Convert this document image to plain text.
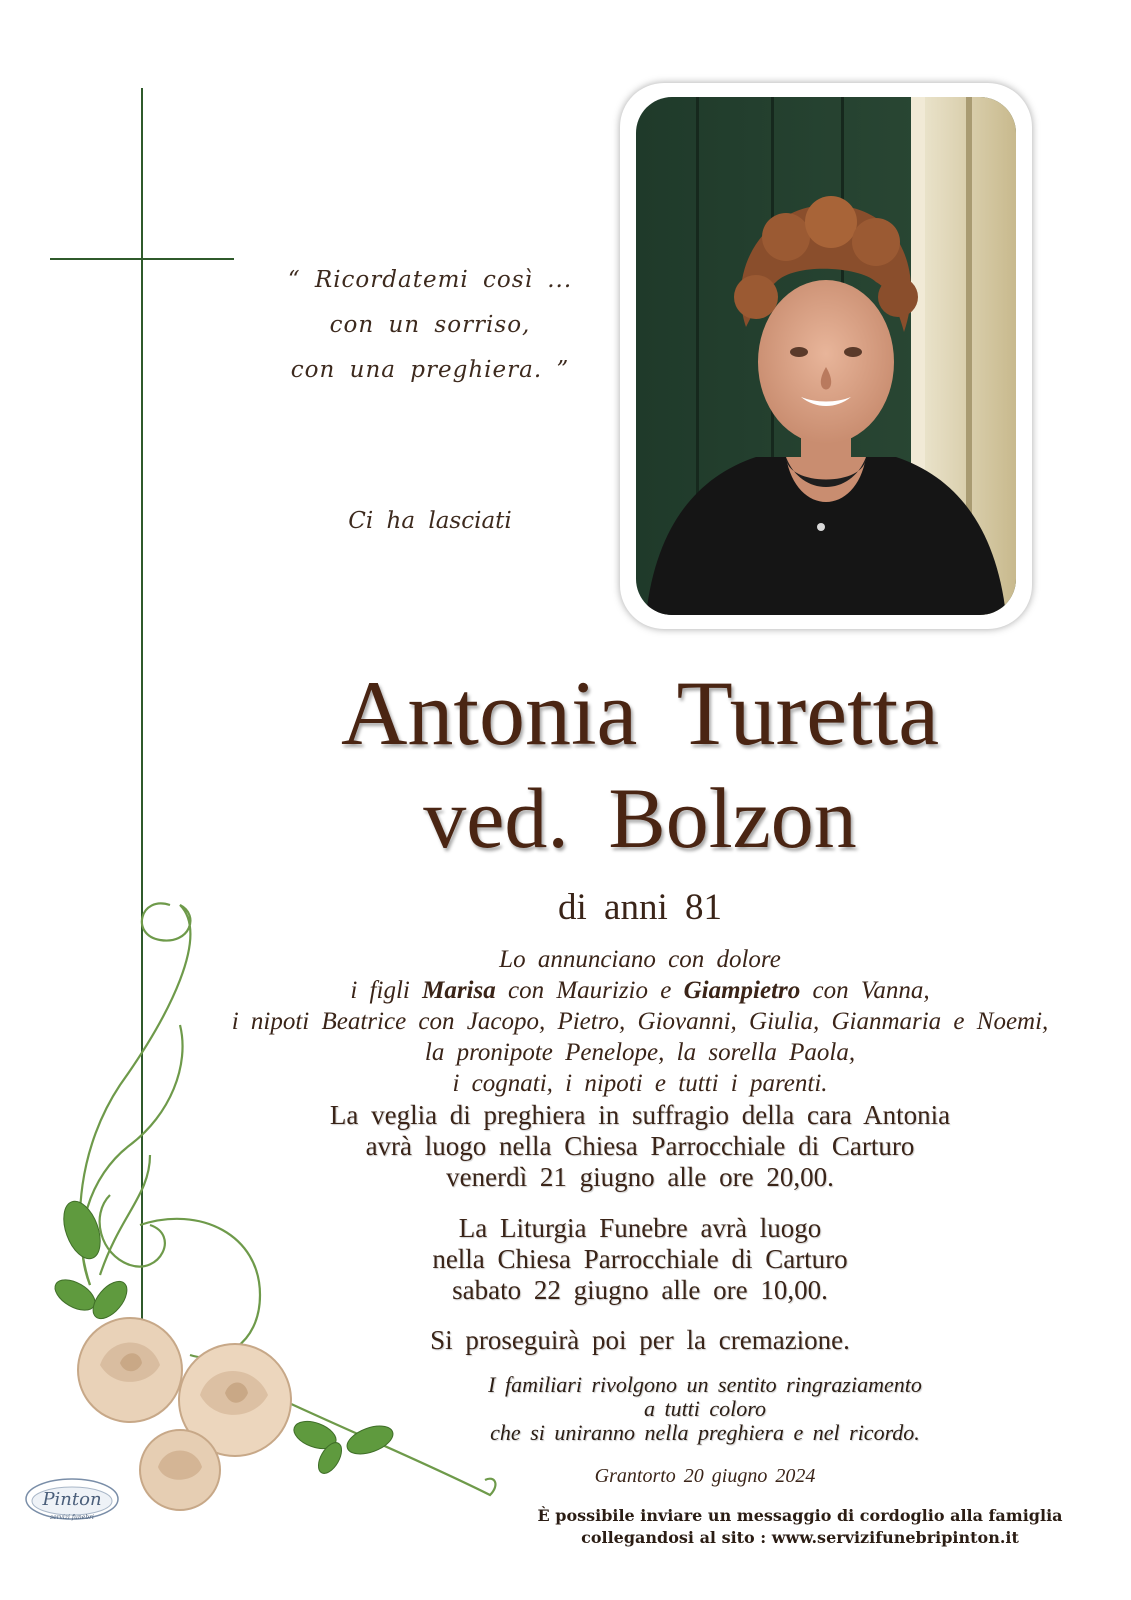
“ Ricordatemi così ...
con un sorriso,
con una preghiera. ”
Ci ha lasciati
Antonia Turetta
ved. Bolzon
di anni 81
Lo annunciano con dolore
i figli Marisa con Maurizio e Giampietro con Vanna,
i nipoti Beatrice con Jacopo, Pietro, Giovanni, Giulia, Gianmaria e Noemi,
la pronipote Penelope, la sorella Paola,
i cognati, i nipoti e tutti i parenti.
La veglia di preghiera in suffragio della cara Antonia
avrà luogo nella Chiesa Parrocchiale di Carturo
venerdì 21 giugno alle ore 20,00.
La Liturgia Funebre avrà luogo
nella Chiesa Parrocchiale di Carturo
sabato 22 giugno alle ore 10,00.
Si proseguirà poi per la cremazione.
I familiari rivolgono un sentito ringraziamento
a tutti coloro
che si uniranno nella preghiera e nel ricordo.
Grantorto 20 giugno 2024
È possibile inviare un messaggio di cordoglio alla famiglia
collegandosi al sito : www.servizifunebripinton.it
Pinton
servizi funebri
